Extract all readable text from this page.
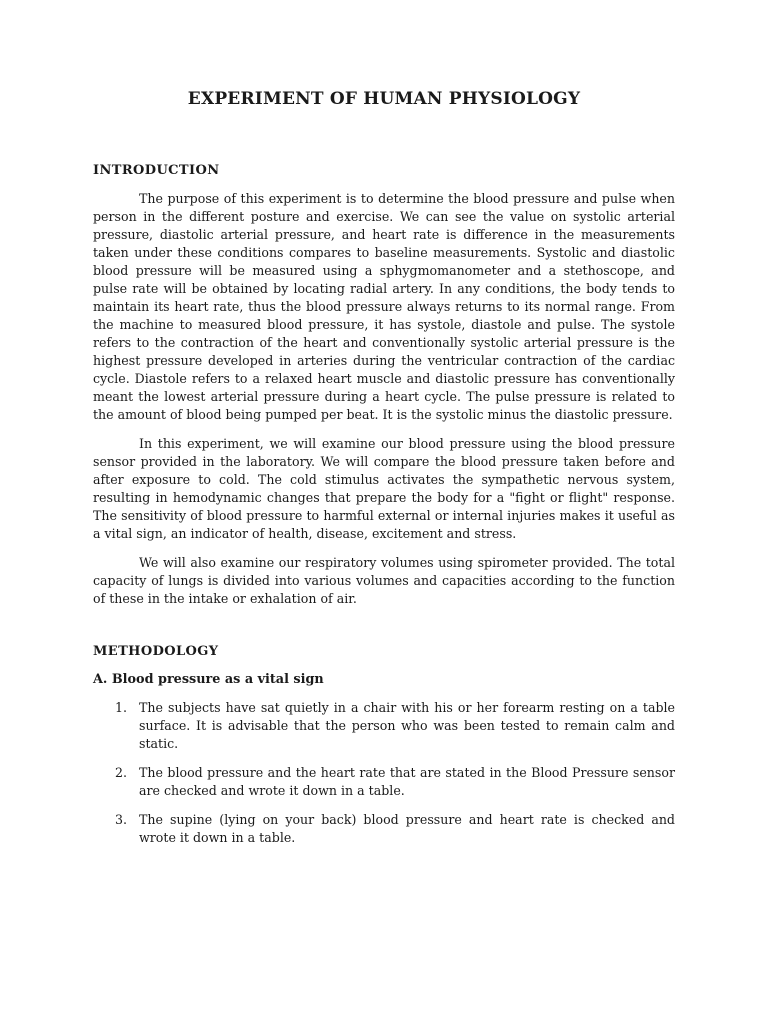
EXPERIMENT OF HUMAN PHYSIOLOGY
INTRODUCTION

The purpose of this experiment is to determine the blood pressure and pulse when person in the different posture and exercise. We can see the value on systolic arterial pressure, diastolic arterial pressure, and heart rate is difference in the measurements taken under these conditions compares to baseline measurements. Systolic and diastolic blood pressure will be measured using a sphygmomanometer and a stethoscope, and pulse rate will be obtained by locating radial artery. In any conditions, the body tends to maintain its heart rate, thus the blood pressure always returns to its normal range. From the machine to measured blood pressure, it has systole, diastole and pulse. The systole refers to the contraction of the heart and conventionally systolic arterial pressure is the highest pressure developed in arteries during the ventricular contraction of the cardiac cycle. Diastole refers to a relaxed heart muscle and diastolic pressure has conventionally meant the lowest arterial pressure during a heart cycle. The pulse pressure is related to the amount of blood being pumped per beat. It is the systolic minus the diastolic pressure.

In this experiment, we will examine our blood pressure using the blood pressure sensor provided in the laboratory. We will compare the blood pressure taken before and after exposure to cold. The cold stimulus activates the sympathetic nervous system, resulting in hemodynamic changes that prepare the body for a "fight or flight" response. The sensitivity of blood pressure to harmful external or internal injuries makes it useful as a vital sign, an indicator of health, disease, excitement and stress.

We will also examine our respiratory volumes using spirometer provided. The total capacity of lungs is divided into various volumes and capacities according to the function of these in the intake or exhalation of air.

METHODOLOGY
A. Blood pressure as a vital sign
1. The subjects have sat quietly in a chair with his or her forearm resting on a table surface. It is advisable that the person who was been tested to remain calm and static.
2. The blood pressure and the heart rate that are stated in the Blood Pressure sensor are checked and wrote it down in a table.
3. The supine (lying on your back) blood pressure and heart rate is checked and wrote it down in a table.
